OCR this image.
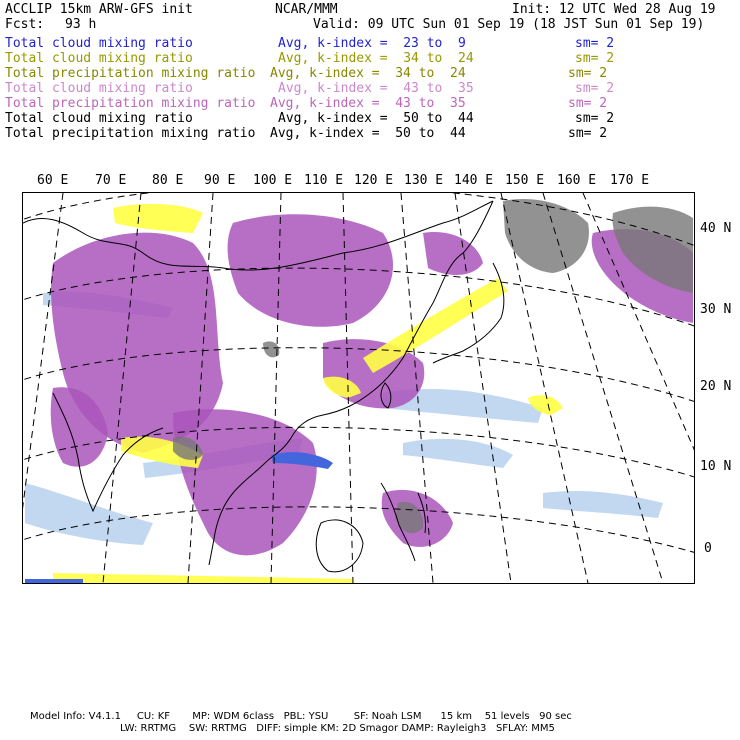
ACCLIP 15km ARW-GFS init	NCAR/MMM	Init: 12 UTC Wed 28 Aug 19
Fcst: 93 h	Valid: 09 UTC Sun 01 Sep 19 (18 JST Sun 01 Sep 19)
Total cloud mixing ratio	Avg, k-index =  23 to  9	sm= 2
Total cloud mixing ratio	Avg, k-index =  34 to  24	sm= 2
Total precipitation mixing ratio Avg, k-index =  34 to  24	sm= 2
Total cloud mixing ratio	Avg, k-index =  43 to  35	sm= 2
Total precipitation mixing ratio Avg, k-index =  43 to  35	sm= 2
Total cloud mixing ratio	Avg, k-index =  50 to  44	sm= 2
Total precipitation mixing ratio Avg, k-index =  50 to  44	sm= 2
60 E 70 E 80 E 90 E 100 E 110 E 120 E 130 E 140 E 150 E 160 E 170 E
40 N
30 N
20 N
10 N
0
Model Info: V4.1.1     CU: KF       MP: WDM 6class   PBL: YSU        SF: Noah LSM      15 km    51 levels   90 sec
LW: RRTMG    SW: RRTMG   DIFF: simple KM: 2D Smagor DAMP: Rayleigh3   SFLAY: MM5
